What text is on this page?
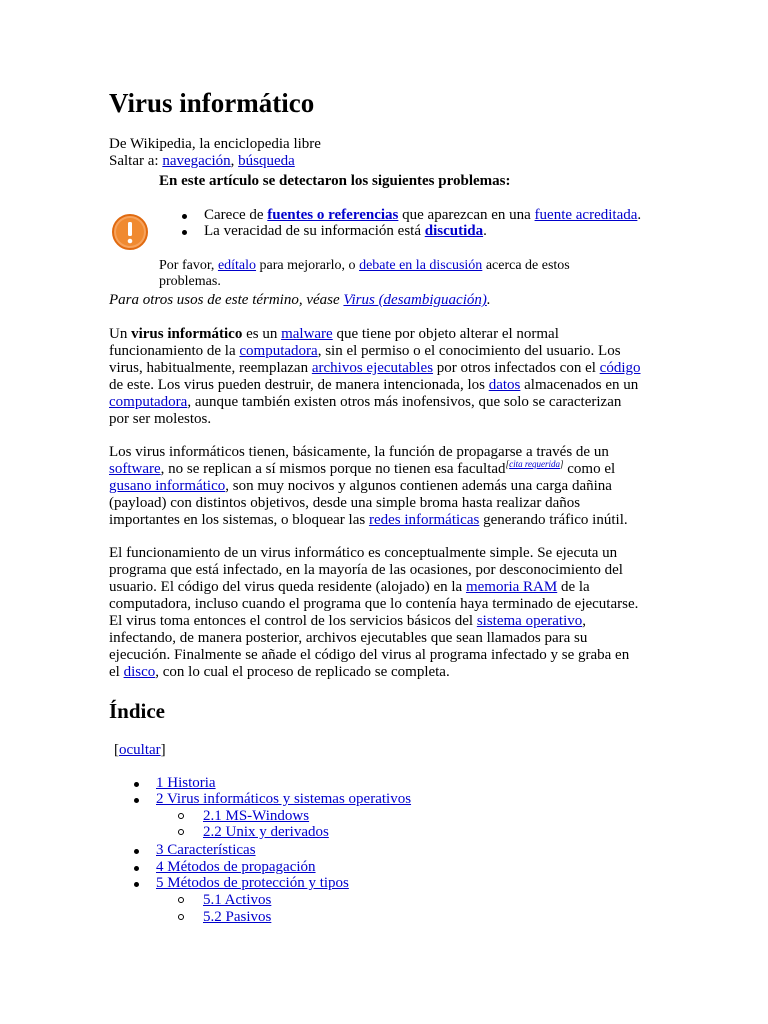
Virus informático
De Wikipedia, la enciclopedia libre
Saltar a: navegación, búsqueda
En este artículo se detectaron los siguientes problemas:
Carece de fuentes o referencias que aparezcan en una fuente acreditada.
La veracidad de su información está discutida.
Por favor, edítalo para mejorarlo, o debate en la discusión acerca de estos
problemas.
Para otros usos de este término, véase Virus (desambiguación).
Un virus informático es un malware que tiene por objeto alterar el normal
funcionamiento de la computadora, sin el permiso o el conocimiento del usuario. Los
virus, habitualmente, reemplazan archivos ejecutables por otros infectados con el código
de este. Los virus pueden destruir, de manera intencionada, los datos almacenados en un
computadora, aunque también existen otros más inofensivos, que solo se caracterizan
por ser molestos.
Los virus informáticos tienen, básicamente, la función de propagarse a través de un
software, no se replican a sí mismos porque no tienen esa facultad[cita requerida] como el
gusano informático, son muy nocivos y algunos contienen además una carga dañina
(payload) con distintos objetivos, desde una simple broma hasta realizar daños
importantes en los sistemas, o bloquear las redes informáticas generando tráfico inútil.
El funcionamiento de un virus informático es conceptualmente simple. Se ejecuta un
programa que está infectado, en la mayoría de las ocasiones, por desconocimiento del
usuario. El código del virus queda residente (alojado) en la memoria RAM de la
computadora, incluso cuando el programa que lo contenía haya terminado de ejecutarse.
El virus toma entonces el control de los servicios básicos del sistema operativo,
infectando, de manera posterior, archivos ejecutables que sean llamados para su
ejecución. Finalmente se añade el código del virus al programa infectado y se graba en
el disco, con lo cual el proceso de replicado se completa.
Índice
[ocultar]
1 Historia
2 Virus informáticos y sistemas operativos
2.1 MS-Windows
2.2 Unix y derivados
3 Características
4 Métodos de propagación
5 Métodos de protección y tipos
5.1 Activos
5.2 Pasivos
